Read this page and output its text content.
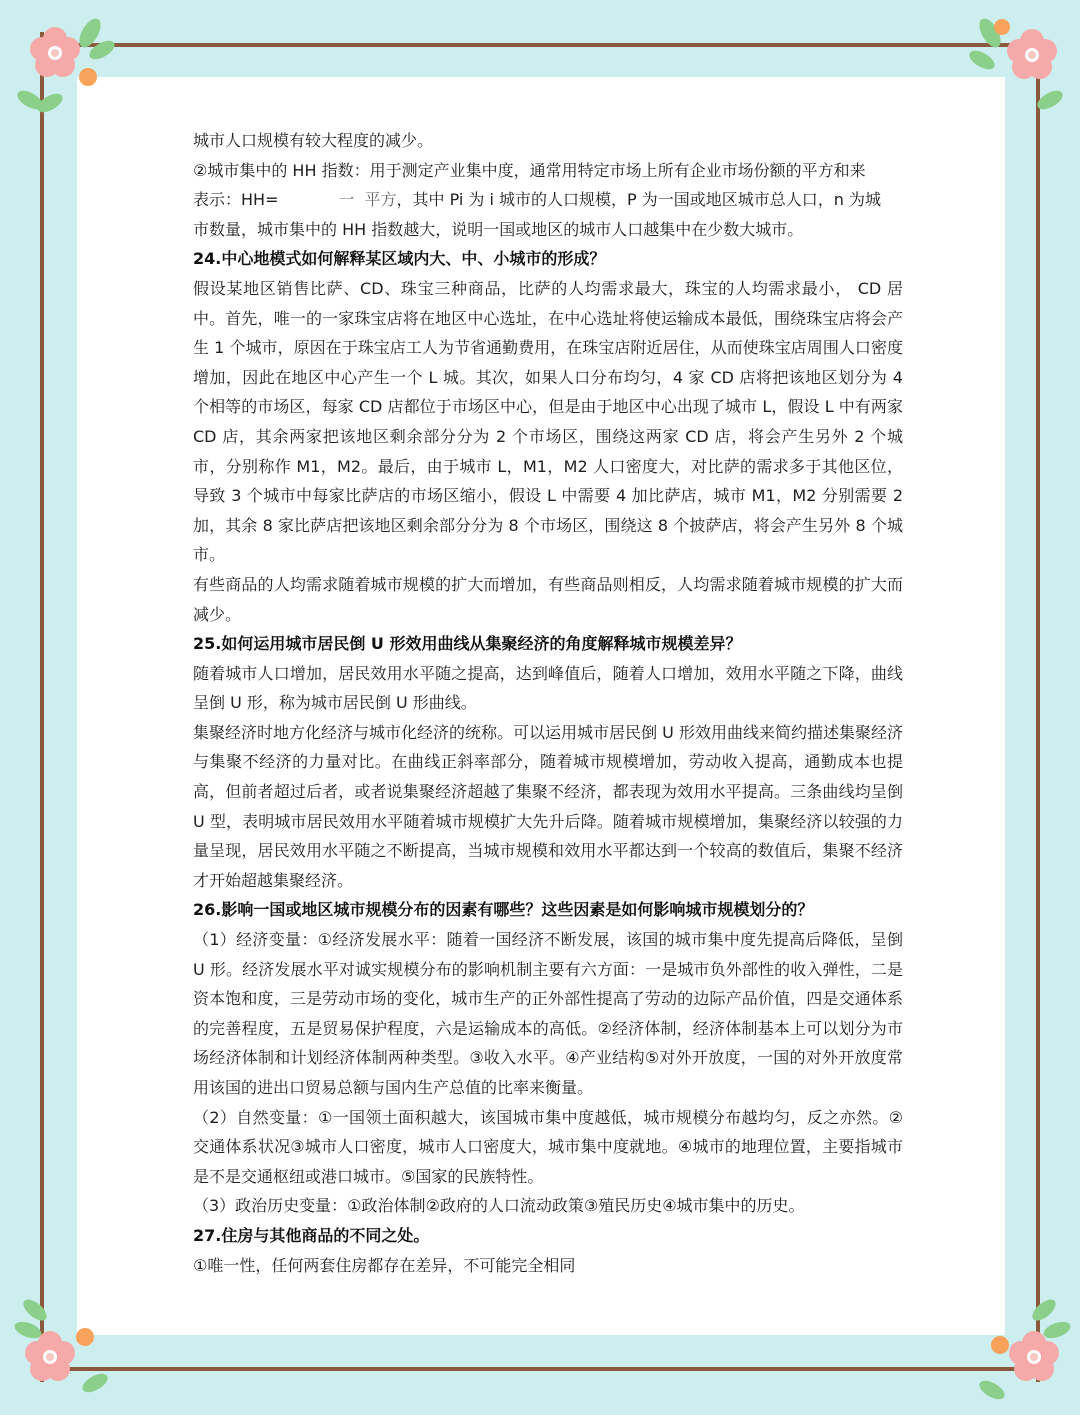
城市人口规模有较大程度的减少。

②城市集中的 HH 指数：用于测定产业集中度，通常用特定市场上所有企业市场份额的平方和来

表示：HH=	一 平方，其中 Pi 为 i 城市的人口规模，P 为一国或地区城市总人口，n 为城

市数量，城市集中的 HH 指数越大，说明一国或地区的城市人口越集中在少数大城市。

24.中心地模式如何解释某区域内大、中、小城市的形成？

假设某地区销售比萨、CD、珠宝三种商品，比萨的人均需求最大，珠宝的人均需求最小， CD 居中。首先，唯一的一家珠宝店将在地区中心选址，在中心选址将使运输成本最低，围绕珠宝店将会产生 1 个城市，原因在于珠宝店工人为节省通勤费用，在珠宝店附近居住，从而使珠宝店周围人口密度增加，因此在地区中心产生一个 L 城。其次，如果人口分布均匀，4 家 CD 店将把该地区划分为 4 个相等的市场区，每家 CD 店都位于市场区中心，但是由于地区中心出现了城市 L，假设 L 中有两家 CD 店，其余两家把该地区剩余部分分为 2 个市场区，围绕这两家 CD 店，将会产生另外 2 个城市，分别称作 M1，M2。最后，由于城市 L，M1，M2 人口密度大，对比萨的需求多于其他区位，导致 3 个城市中每家比萨店的市场区缩小，假设 L 中需要 4 加比萨店，城市 M1，M2 分别需要 2 加，其余 8 家比萨店把该地区剩余部分分为 8 个市场区，围绕这 8 个披萨店，将会产生另外 8 个城市。

有些商品的人均需求随着城市规模的扩大而增加，有些商品则相反，人均需求随着城市规模的扩大而减少。

25.如何运用城市居民倒 U 形效用曲线从集聚经济的角度解释城市规模差异？

随着城市人口增加，居民效用水平随之提高，达到峰值后，随着人口增加，效用水平随之下降，曲线呈倒 U 形，称为城市居民倒 U 形曲线。

集聚经济时地方化经济与城市化经济的统称。可以运用城市居民倒 U 形效用曲线来简约描述集聚经济与集聚不经济的力量对比。在曲线正斜率部分，随着城市规模增加，劳动收入提高，通勤成本也提高，但前者超过后者，或者说集聚经济超越了集聚不经济，都表现为效用水平提高。三条曲线均呈倒 U 型，表明城市居民效用水平随着城市规模扩大先升后降。随着城市规模增加，集聚经济以较强的力量呈现，居民效用水平随之不断提高，当城市规模和效用水平都达到一个较高的数值后，集聚不经济才开始超越集聚经济。

26.影响一国或地区城市规模分布的因素有哪些？这些因素是如何影响城市规模划分的？

（1）经济变量：①经济发展水平：随着一国经济不断发展，该国的城市集中度先提高后降低，呈倒 U 形。经济发展水平对诚实规模分布的影响机制主要有六方面：一是城市负外部性的收入弹性，二是资本饱和度，三是劳动市场的变化，城市生产的正外部性提高了劳动的边际产品价值，四是交通体系的完善程度，五是贸易保护程度，六是运输成本的高低。②经济体制，经济体制基本上可以划分为市场经济体制和计划经济体制两种类型。③收入水平。④产业结构⑤对外开放度，一国的对外开放度常用该国的进出口贸易总额与国内生产总值的比率来衡量。

（2）自然变量：①一国领土面积越大，该国城市集中度越低，城市规模分布越均匀，反之亦然。②交通体系状况③城市人口密度，城市人口密度大，城市集中度就地。④城市的地理位置，主要指城市是不是交通枢纽或港口城市。⑤国家的民族特性。

（3）政治历史变量：①政治体制②政府的人口流动政策③殖民历史④城市集中的历史。

27.住房与其他商品的不同之处。

①唯一性，任何两套住房都存在差异，不可能完全相同
